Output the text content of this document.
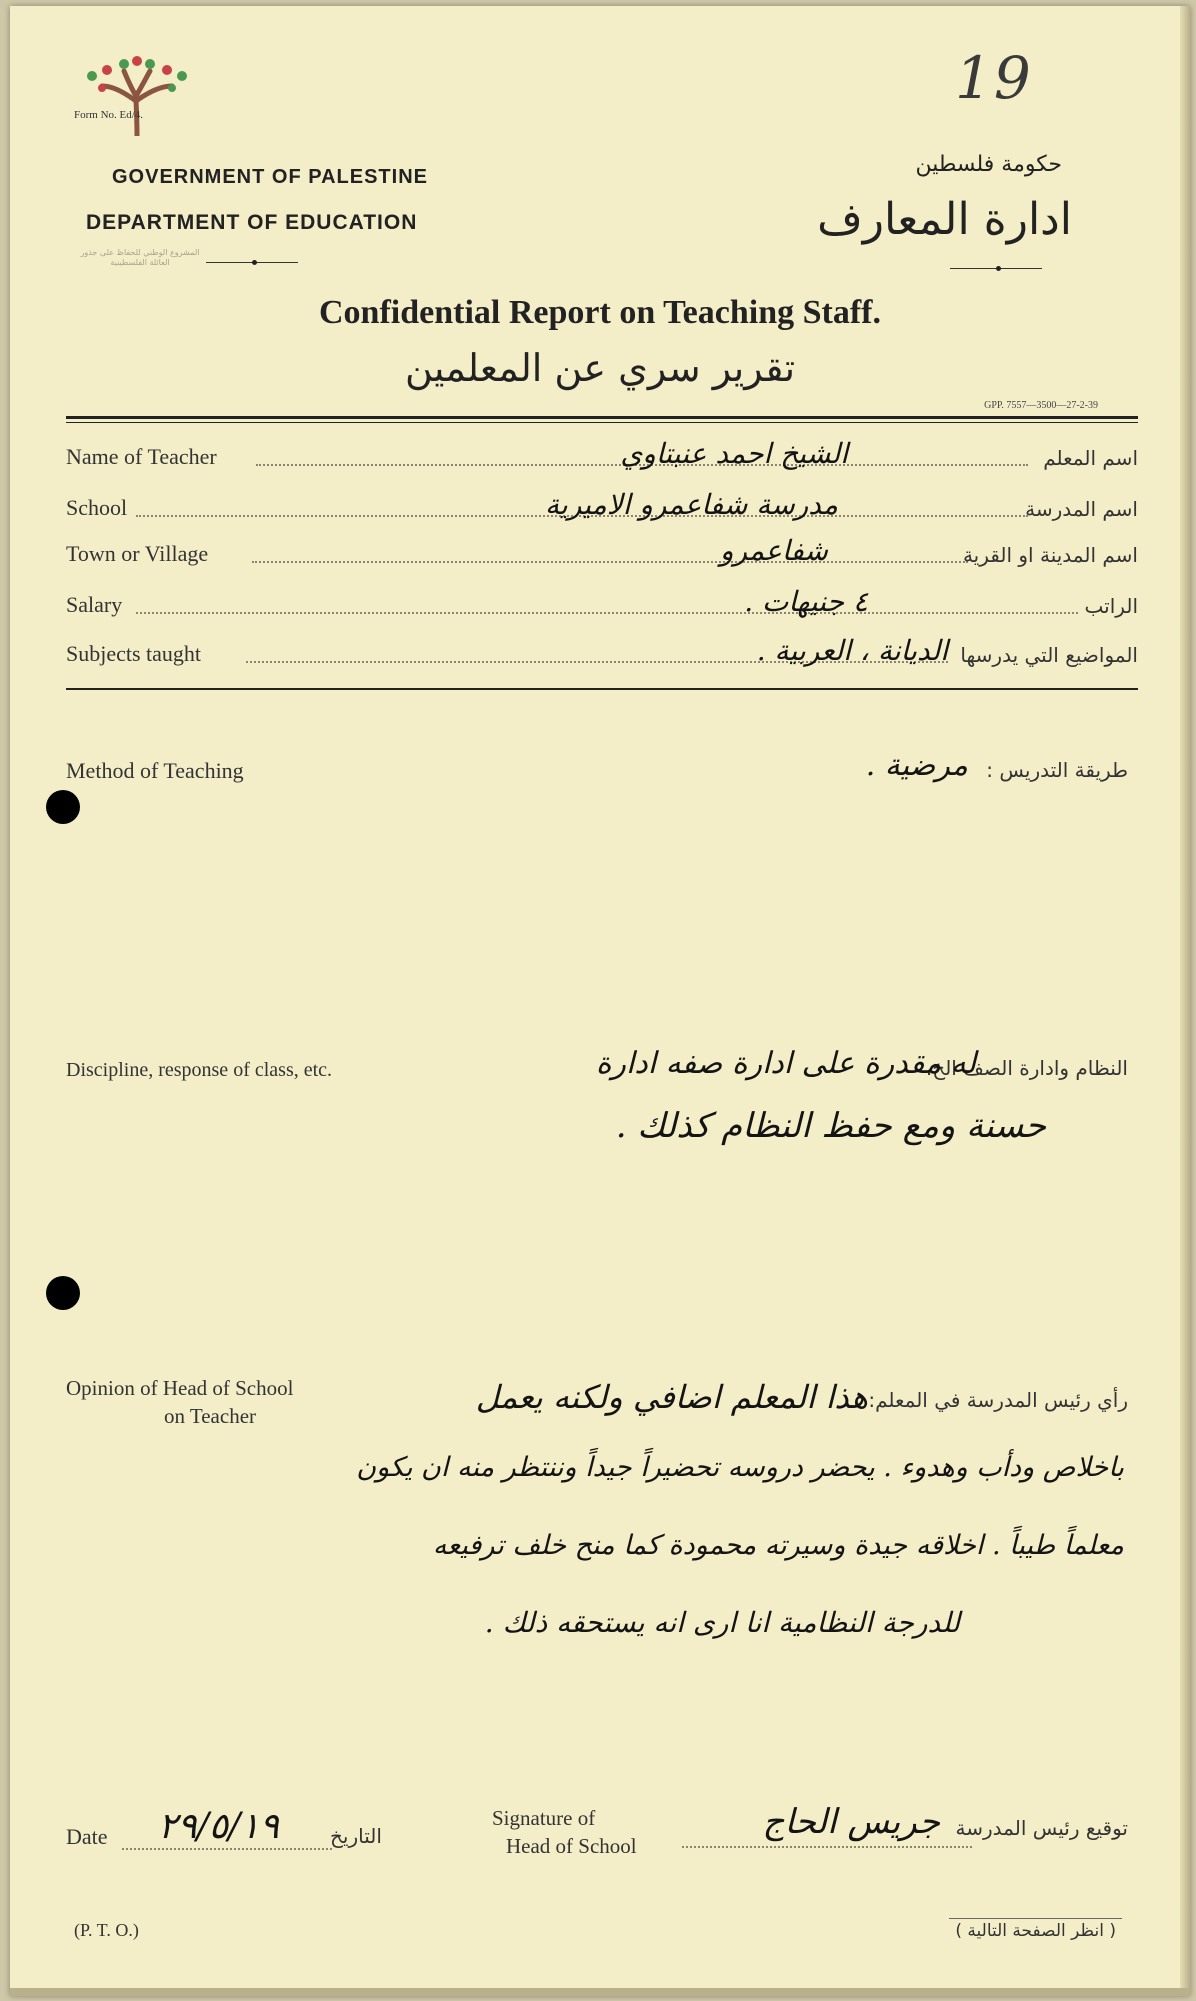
Form No. Ed/4.
المشروع الوطني للحفاظ على جذور العائلة الفلسطينية
19
GOVERNMENT OF PALESTINE
DEPARTMENT OF EDUCATION
حكومة فلسطين
ادارة المعارف
Confidential Report on Teaching Staff.
تقرير سري عن المعلمين
GPP. 7557—3500—27-2-39
Name of Teacher	الشيخ احمد عنبتاوي	اسم المعلم
School	مدرسة شفاعمرو الاميرية	اسم المدرسة
Town or Village	شفاعمرو	اسم المدينة او القرية
Salary	٤ جنيهات .	الراتب
Subjects taught	الديانة ، العربية . المواضيع التي يدرسها
Method of Teaching	طريقة التدريس :
مرضية .
Discipline, response of class, etc.	النظام وادارة الصف الخ.
له مقدرة على ادارة صفه ادارة
حسنة ومع حفظ النظام كذلك .
Opinion of Head of School
on Teacher
رأي رئيس المدرسة في المعلم:
هذا المعلم اضافي ولكنه يعمل
باخلاص ودأب وهدوء . يحضر دروسه تحضيراً جيداً وننتظر منه ان يكون
معلماً طيباً . اخلاقه جيدة وسيرته محمودة كما منح خلف ترفيعه
للدرجة النظامية انا ارى انه يستحقه ذلك .
Date ٢٩/٥/١٩	التاريخ
Signature of
Head of School
جريس الحاج توقيع رئيس المدرسة
(P. T. O.)	( انظر الصفحة التالية )
